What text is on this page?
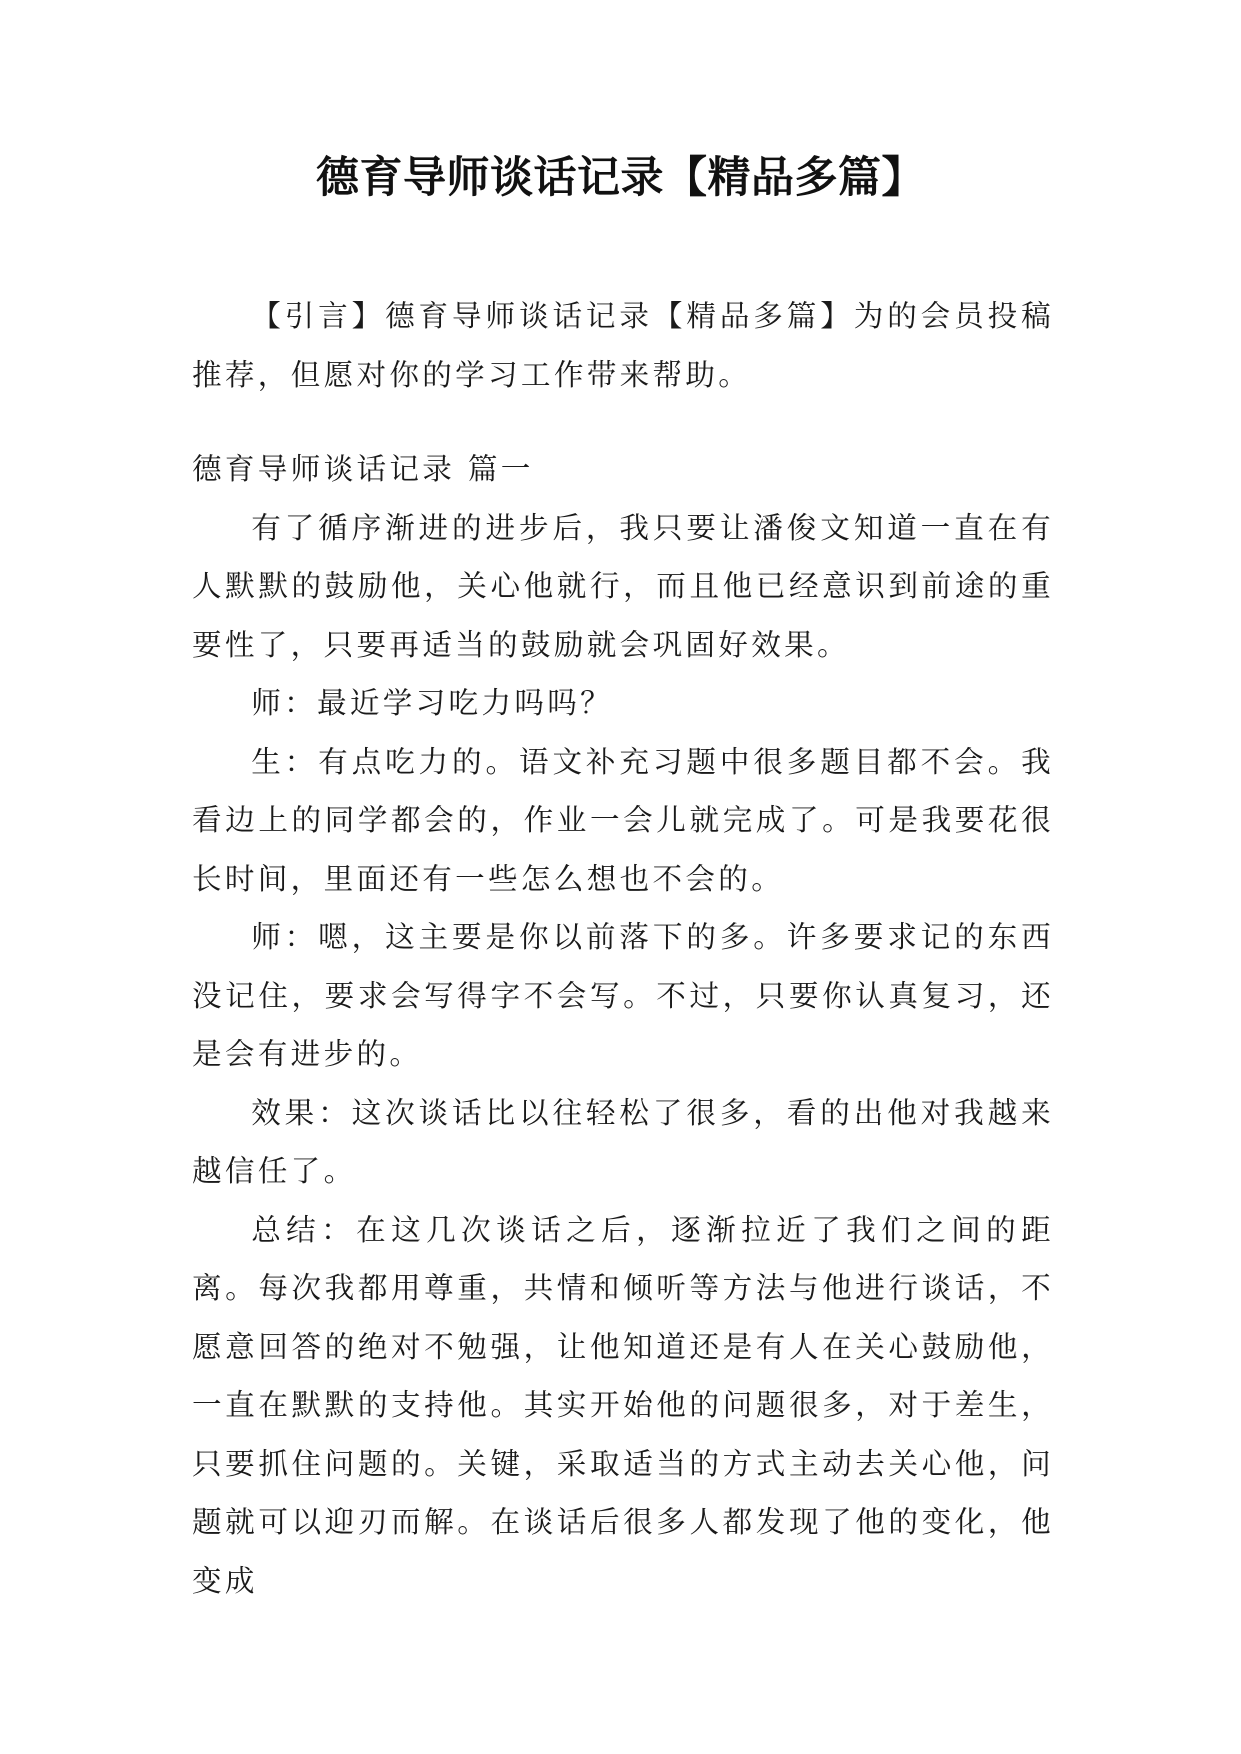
德育导师谈话记录【精品多篇】

【引言】德育导师谈话记录【精品多篇】为的会员投稿推荐，但愿对你的学习工作带来帮助。

德育导师谈话记录 篇一

有了循序渐进的进步后，我只要让潘俊文知道一直在有人默默的鼓励他，关心他就行，而且他已经意识到前途的重要性了，只要再适当的鼓励就会巩固好效果。

师：最近学习吃力吗吗？

生：有点吃力的。语文补充习题中很多题目都不会。我看边上的同学都会的，作业一会儿就完成了。可是我要花很长时间，里面还有一些怎么想也不会的。

师：嗯，这主要是你以前落下的多。许多要求记的东西没记住，要求会写得字不会写。不过，只要你认真复习，还是会有进步的。

效果：这次谈话比以往轻松了很多，看的出他对我越来越信任了。

总结：在这几次谈话之后，逐渐拉近了我们之间的距离。每次我都用尊重，共情和倾听等方法与他进行谈话，不愿意回答的绝对不勉强，让他知道还是有人在关心鼓励他，一直在默默的支持他。其实开始他的问题很多，对于差生，只要抓住问题的。关键，采取适当的方式主动去关心他，问题就可以迎刃而解。在谈话后很多人都发现了他的变化，他变成
